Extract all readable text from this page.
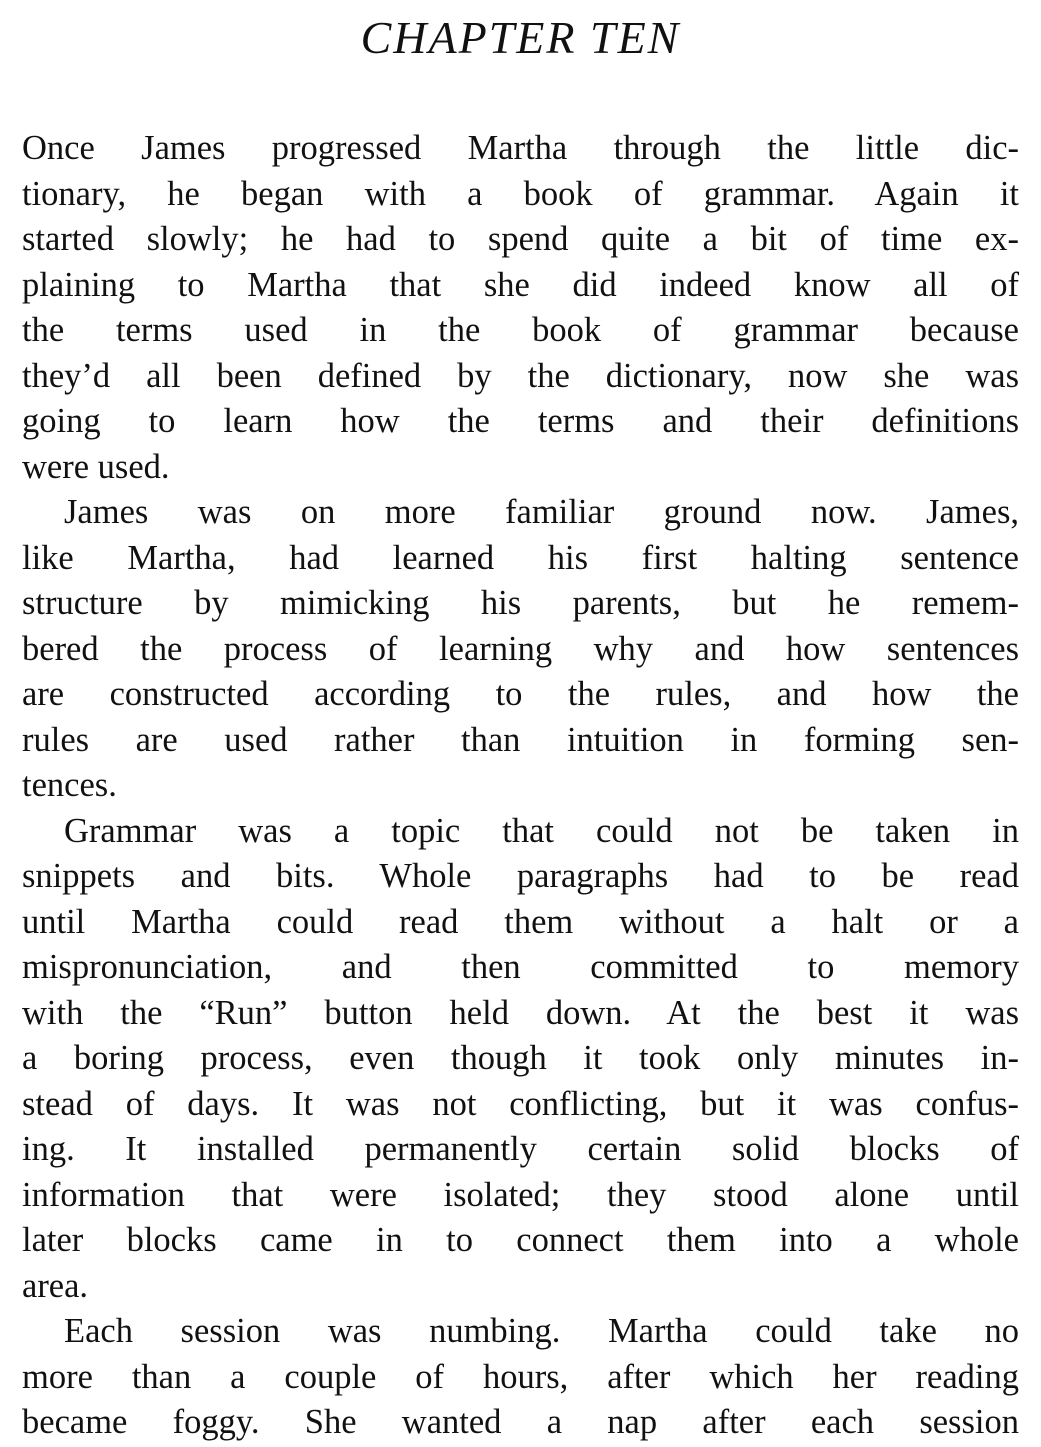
CHAPTER TEN
Once James progressed Martha through the little dic-
tionary, he began with a book of grammar. Again it
started slowly; he had to spend quite a bit of time ex-
plaining to Martha that she did indeed know all of
the terms used in the book of grammar because
they’d all been defined by the dictionary, now she was
going to learn how the terms and their definitions
were used.
James was on more familiar ground now. James,
like Martha, had learned his first halting sentence
structure by mimicking his parents, but he remem-
bered the process of learning why and how sentences
are constructed according to the rules, and how the
rules are used rather than intuition in forming sen-
tences.
Grammar was a topic that could not be taken in
snippets and bits. Whole paragraphs had to be read
until Martha could read them without a halt or a
mispronunciation, and then committed to memory
with the “Run” button held down. At the best it was
a boring process, even though it took only minutes in-
stead of days. It was not conflicting, but it was confus-
ing. It installed permanently certain solid blocks of
information that were isolated; they stood alone until
later blocks came in to connect them into a whole
area.
Each session was numbing. Martha could take no
more than a couple of hours, after which her reading
became foggy. She wanted a nap after each session
